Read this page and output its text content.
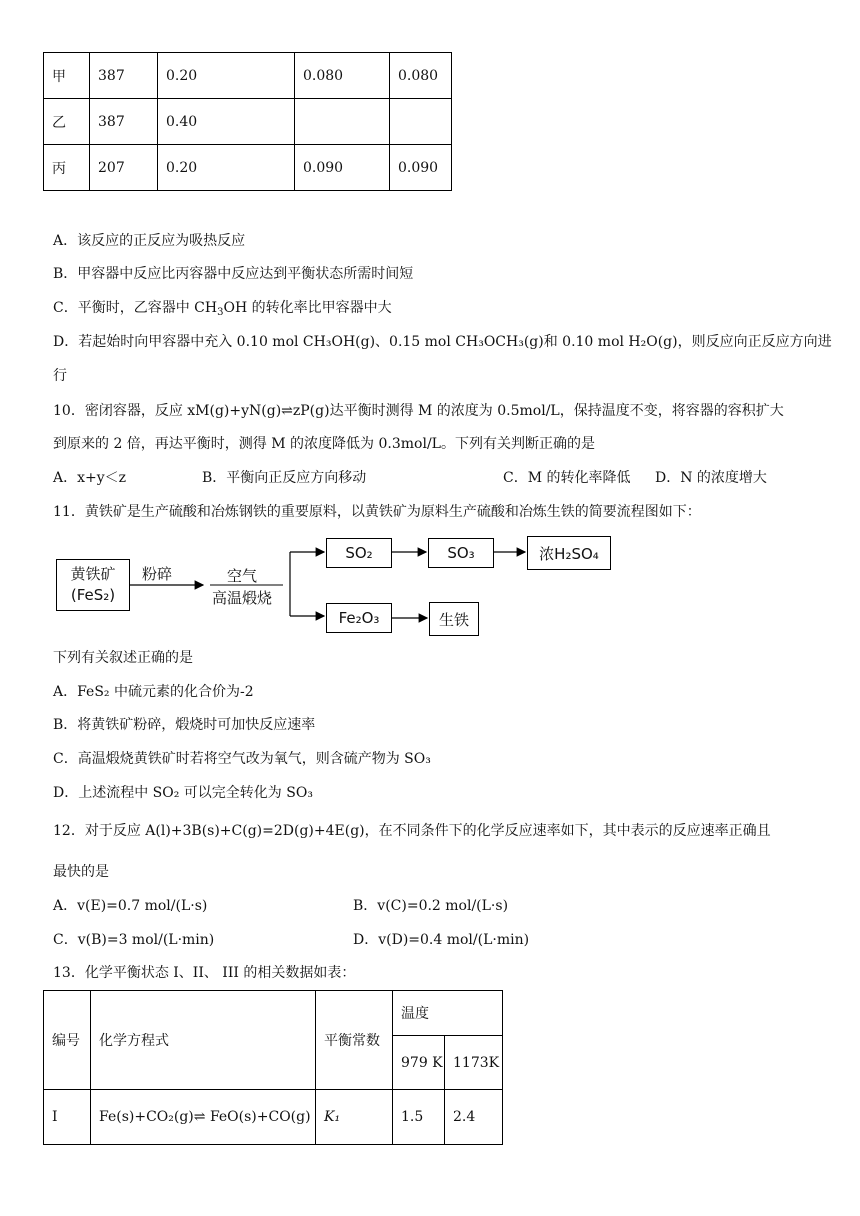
甲	387	0.20	0.080	0.080
乙	387	0.40		
丙	207	0.20	0.090	0.090
A．该反应的正反应为吸热反应
B．甲容器中反应比丙容器中反应达到平衡状态所需时间短
C．平衡时，乙容器中 $CH_3OH$ 的转化率比甲容器中大
D．若起始时向甲容器中充入 0.10 mol CH₃OH(g)、0.15 mol CH₃OCH₃(g)和 0.10 mol H₂O(g)，则反应向正反应方向进
行
10．密闭容器，反应 xM(g)+yN(g)⇌zP(g)达平衡时测得 M 的浓度为 0.5mol/L，保持温度不变，将容器的容积扩大
到原来的 2 倍，再达平衡时，测得 M 的浓度降低为 0.3mol/L。下列有关判断正确的是
A．x+y＜z	B．平衡向正反应方向移动	C．M 的转化率降低 D．N 的浓度增大
11．黄铁矿是生产硫酸和冶炼钢铁的重要原料，以黄铁矿为原料生产硫酸和冶炼生铁的简要流程图如下：
黄铁矿
(FeS₂)
粉碎	空气
高温煅烧
SO₂	SO₃	浓H₂SO₄
Fe₂O₃	生铁
下列有关叙述正确的是
A．FeS₂ 中硫元素的化合价为-2
B．将黄铁矿粉碎，煅烧时可加快反应速率
C．高温煅烧黄铁矿时若将空气改为氧气，则含硫产物为 SO₃
D．上述流程中 SO₂ 可以完全转化为 SO₃
12．对于反应 A(l)+3B(s)+C(g)=2D(g)+4E(g)，在不同条件下的化学反应速率如下，其中表示的反应速率正确且
最快的是
A．v(E)=0.7 mol/(L·s)	B．v(C)=0.2 mol/(L·s)
C．v(B)=3 mol/(L·min)	D．v(D)=0.4 mol/(L·min)
13．化学平衡状态 I、II、 III 的相关数据如表：
编号	化学方程式	平衡常数	温度	
			979 K	1173K
I	Fe(s)+CO₂(g)⇌ FeO(s)+CO(g)	K₁	1.5	2.4
